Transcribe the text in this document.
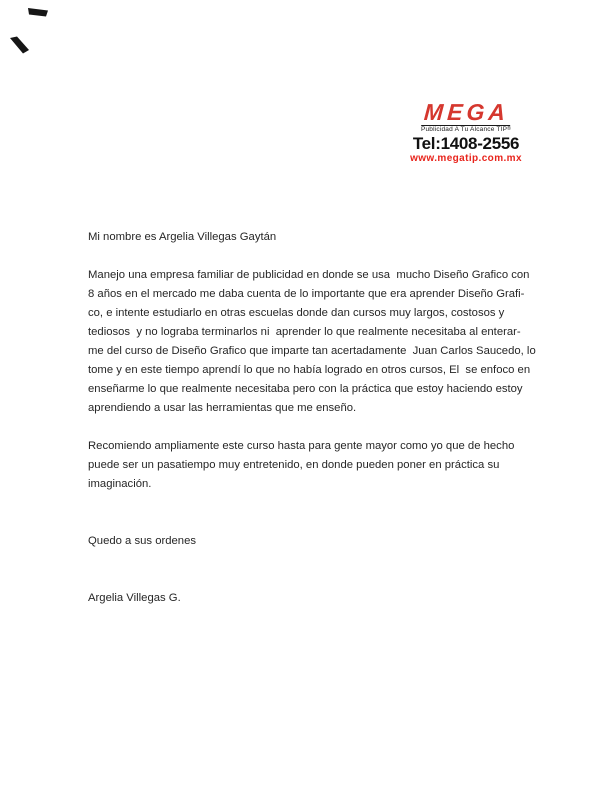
MEGA
Publicidad A Tu Alcance TIP®
Tel:1408-2556
www.megatip.com.mx
Mi nombre es Argelia Villegas Gaytán
Manejo una empresa familiar de publicidad en donde se usa  mucho Diseño Grafico con
8 años en el mercado me daba cuenta de lo importante que era aprender Diseño Grafi-
co, e intente estudiarlo en otras escuelas donde dan cursos muy largos, costosos y
tediosos  y no lograba terminarlos ni  aprender lo que realmente necesitaba al enterar-
me del curso de Diseño Grafico que imparte tan acertadamente  Juan Carlos Saucedo, lo
tome y en este tiempo aprendí lo que no había logrado en otros cursos, El  se enfoco en
enseñarme lo que realmente necesitaba pero con la práctica que estoy haciendo estoy
aprendiendo a usar las herramientas que me enseño.
Recomiendo ampliamente este curso hasta para gente mayor como yo que de hecho
puede ser un pasatiempo muy entretenido, en donde pueden poner en práctica su
imaginación.
Quedo a sus ordenes
Argelia Villegas G.
